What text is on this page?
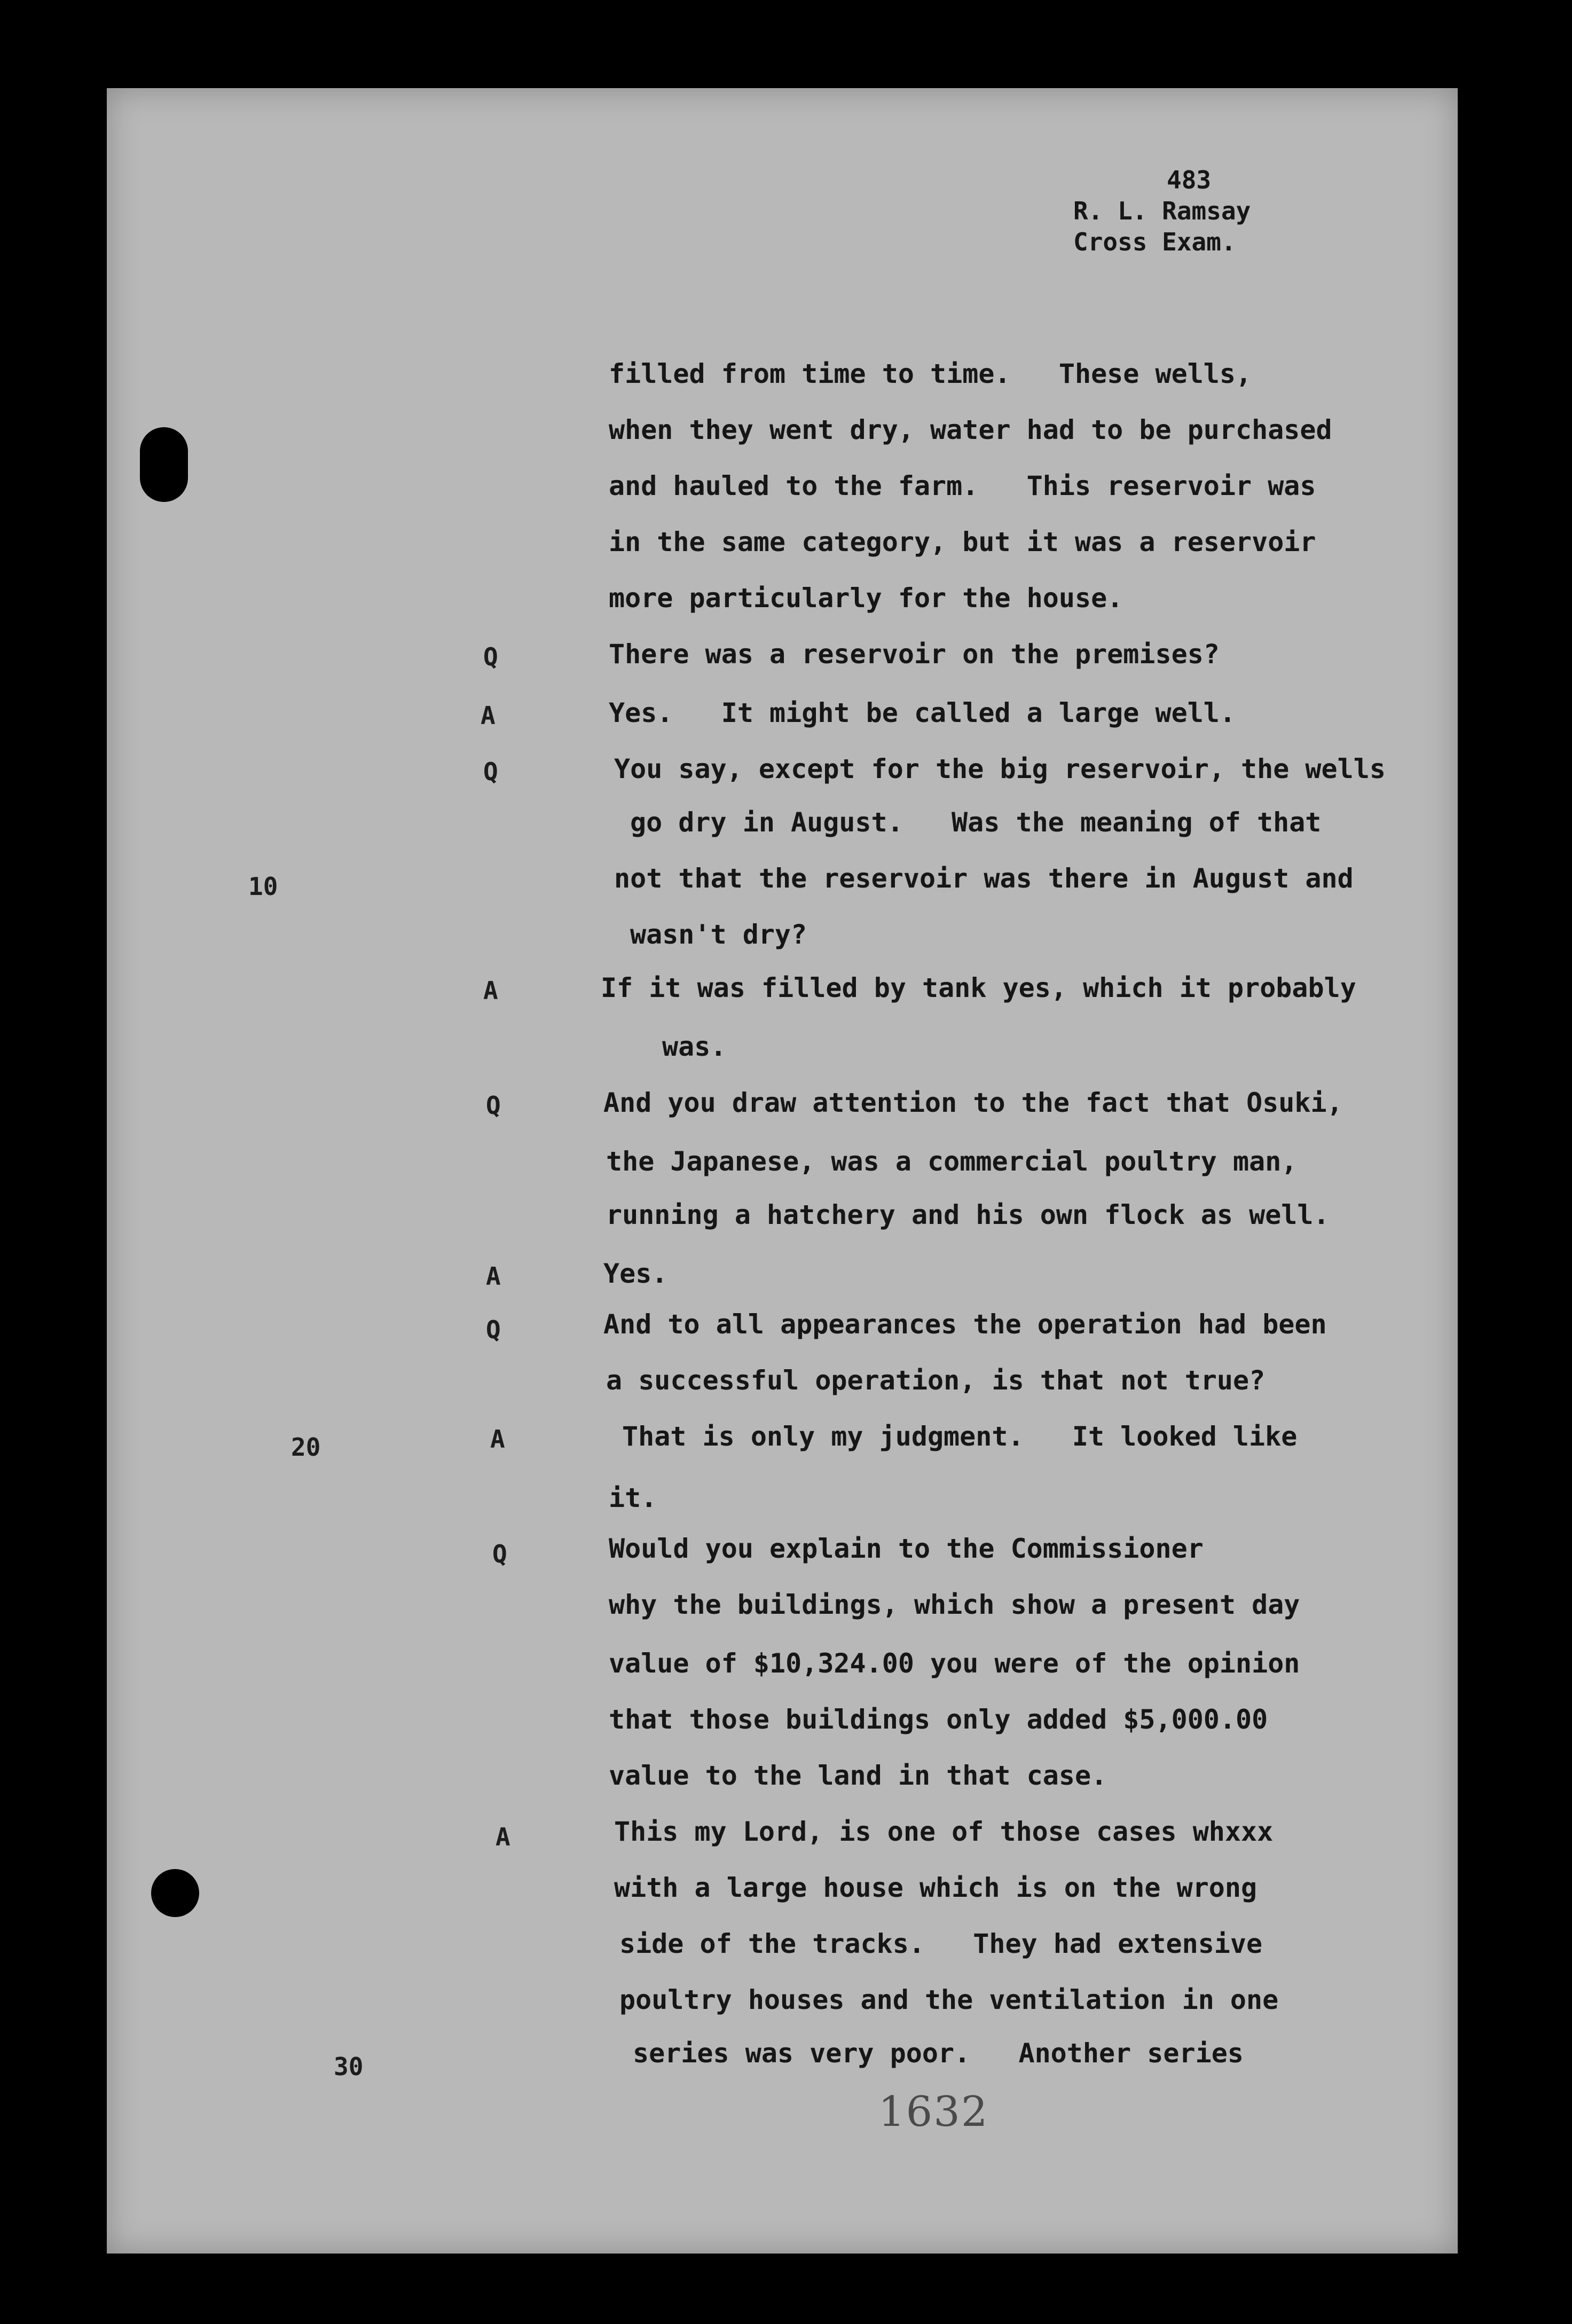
483
R. L. Ramsay
Cross Exam.
filled from time to time.   These wells,
when they went dry, water had to be purchased
and hauled to the farm.   This reservoir was
in the same category, but it was a reservoir
more particularly for the house.
There was a reservoir on the premises?
Yes.   It might be called a large well.
You say, except for the big reservoir, the wells
go dry in August.   Was the meaning of that
not that the reservoir was there in August and
wasn't dry?
If it was filled by tank yes, which it probably
was.
And you draw attention to the fact that Osuki,
the Japanese, was a commercial poultry man,
running a hatchery and his own flock as well.
Yes.
And to all appearances the operation had been
a successful operation, is that not true?
That is only my judgment.   It looked like
it.
Would you explain to the Commissioner
why the buildings, which show a present day
value of $10,324.00 you were of the opinion
that those buildings only added $5,000.00
value to the land in that case.
This my Lord, is one of those cases whxxx
with a large house which is on the wrong
side of the tracks.   They had extensive
poultry houses and the ventilation in one
series was very poor.   Another series
Q
A
Q
A
Q
A
Q
A
Q
A
10
20
30
1632
